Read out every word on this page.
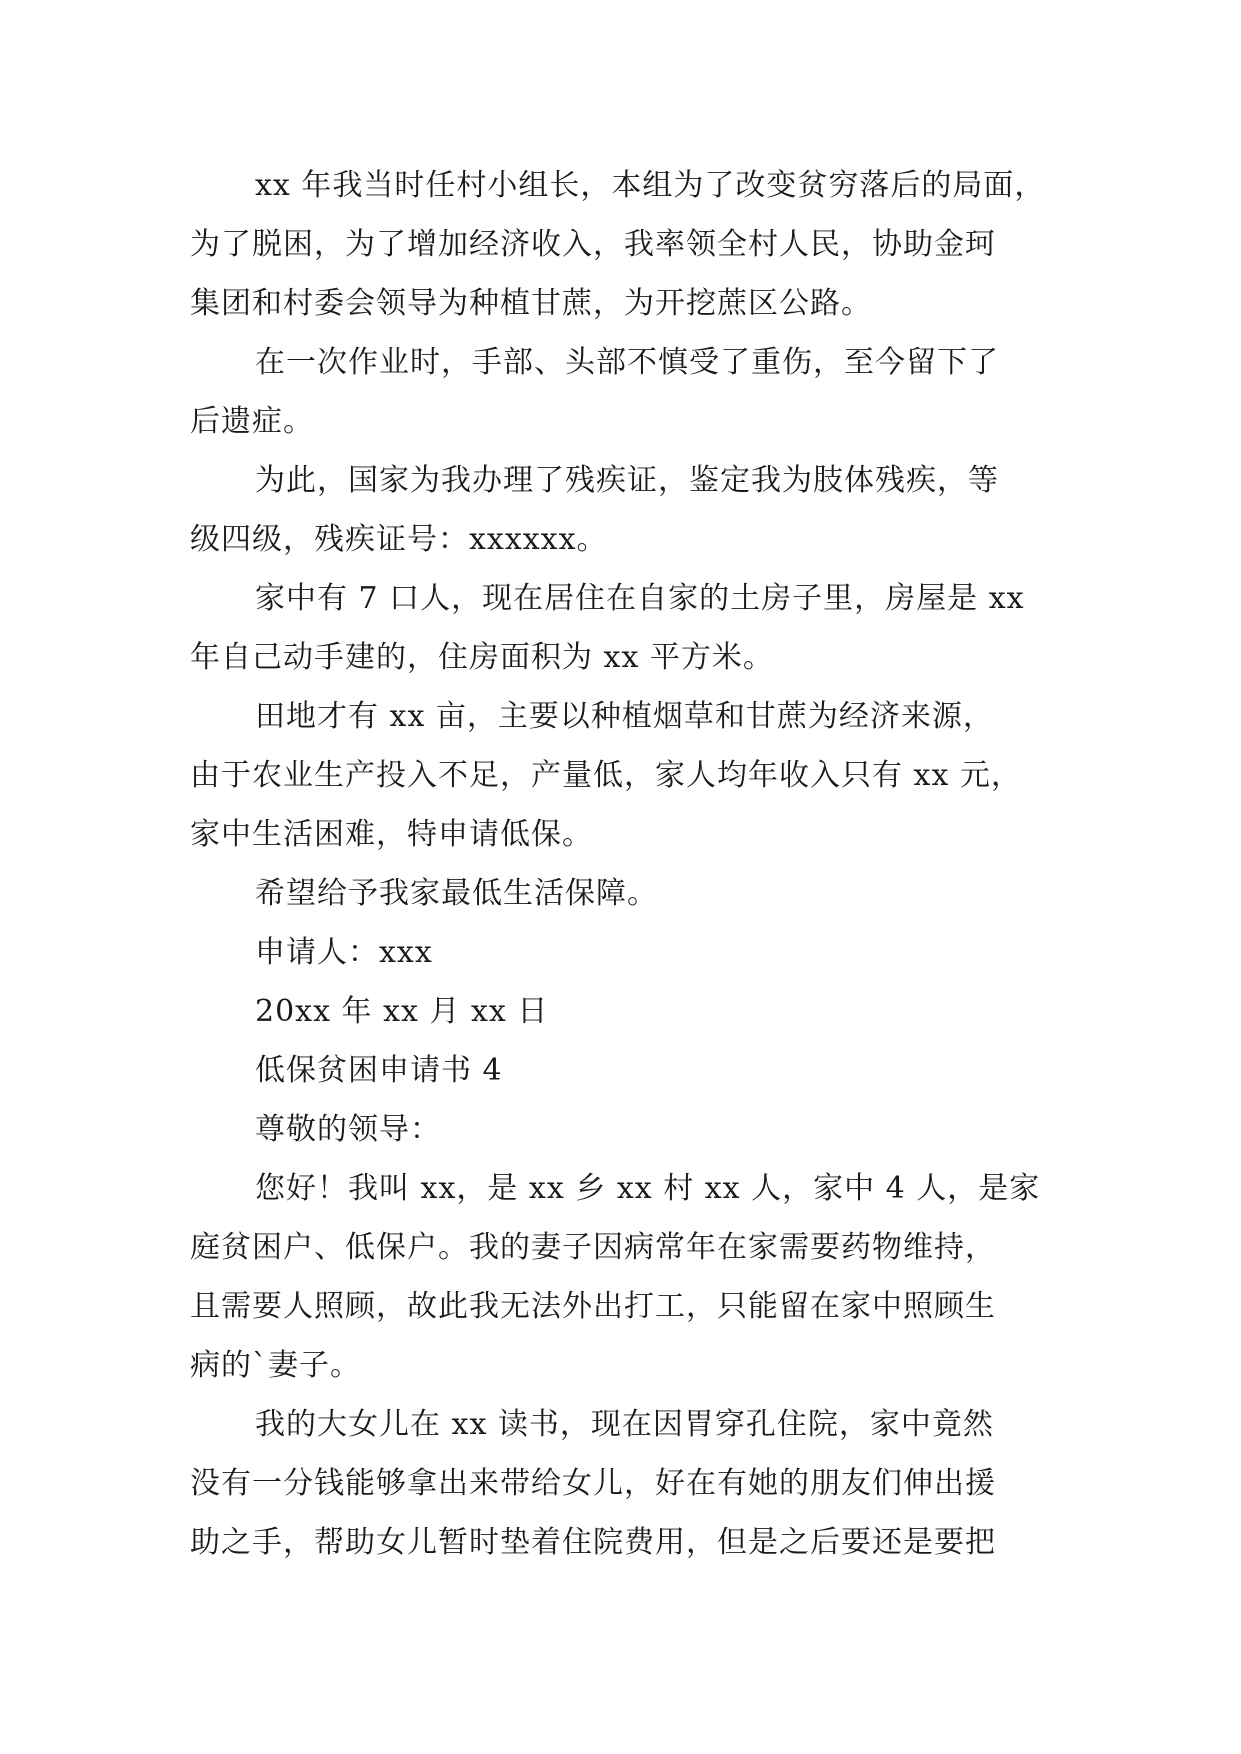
xx 年我当时任村小组长，本组为了改变贫穷落后的局面，

为了脱困，为了增加经济收入，我率领全村人民，协助金珂

集团和村委会领导为种植甘蔗，为开挖蔗区公路。

在一次作业时，手部、头部不慎受了重伤，至今留下了

后遗症。

为此，国家为我办理了残疾证，鉴定我为肢体残疾，等

级四级，残疾证号：xxxxxx。

家中有 7 口人，现在居住在自家的土房子里，房屋是 xx

年自己动手建的，住房面积为 xx 平方米。

田地才有 xx 亩，主要以种植烟草和甘蔗为经济来源，

由于农业生产投入不足，产量低，家人均年收入只有 xx 元，

家中生活困难，特申请低保。

希望给予我家最低生活保障。

申请人：xxx

20xx 年 xx 月 xx 日

低保贫困申请书 4

尊敬的领导：

您好！我叫 xx，是 xx 乡 xx 村 xx 人，家中 4 人，是家

庭贫困户、低保户。我的妻子因病常年在家需要药物维持，

且需要人照顾，故此我无法外出打工，只能留在家中照顾生

病的`妻子。

我的大女儿在 xx 读书，现在因胃穿孔住院，家中竟然

没有一分钱能够拿出来带给女儿，好在有她的朋友们伸出援

助之手，帮助女儿暂时垫着住院费用，但是之后要还是要把
